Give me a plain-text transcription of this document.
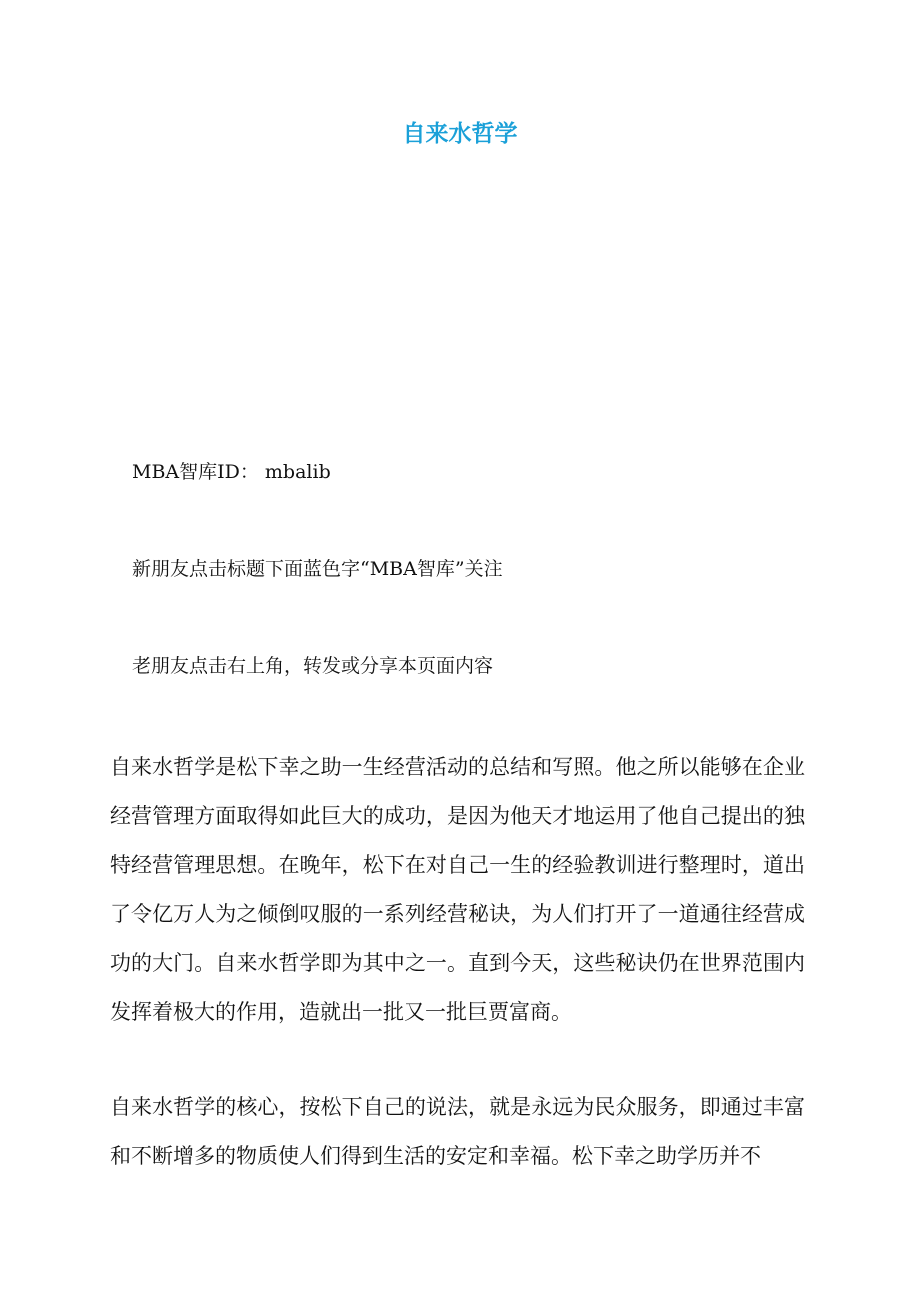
自来水哲学

MBA智库ID： mbalib

新朋友点击标题下面蓝色字“MBA智库”关注

老朋友点击右上角，转发或分享本页面内容

自来水哲学是松下幸之助一生经营活动的总结和写照。他之所以能够在企业经营管理方面取得如此巨大的成功，是因为他天才地运用了他自己提出的独特经营管理思想。在晚年，松下在对自己一生的经验教训进行整理时，道出了令亿万人为之倾倒叹服的一系列经营秘诀，为人们打开了一道通往经营成功的大门。自来水哲学即为其中之一。直到今天，这些秘诀仍在世界范围内发挥着极大的作用，造就出一批又一批巨贾富商。

自来水哲学的核心，按松下自己的说法，就是永远为民众服务，即通过丰富和不断增多的物质使人们得到生活的安定和幸福。松下幸之助学历并不
